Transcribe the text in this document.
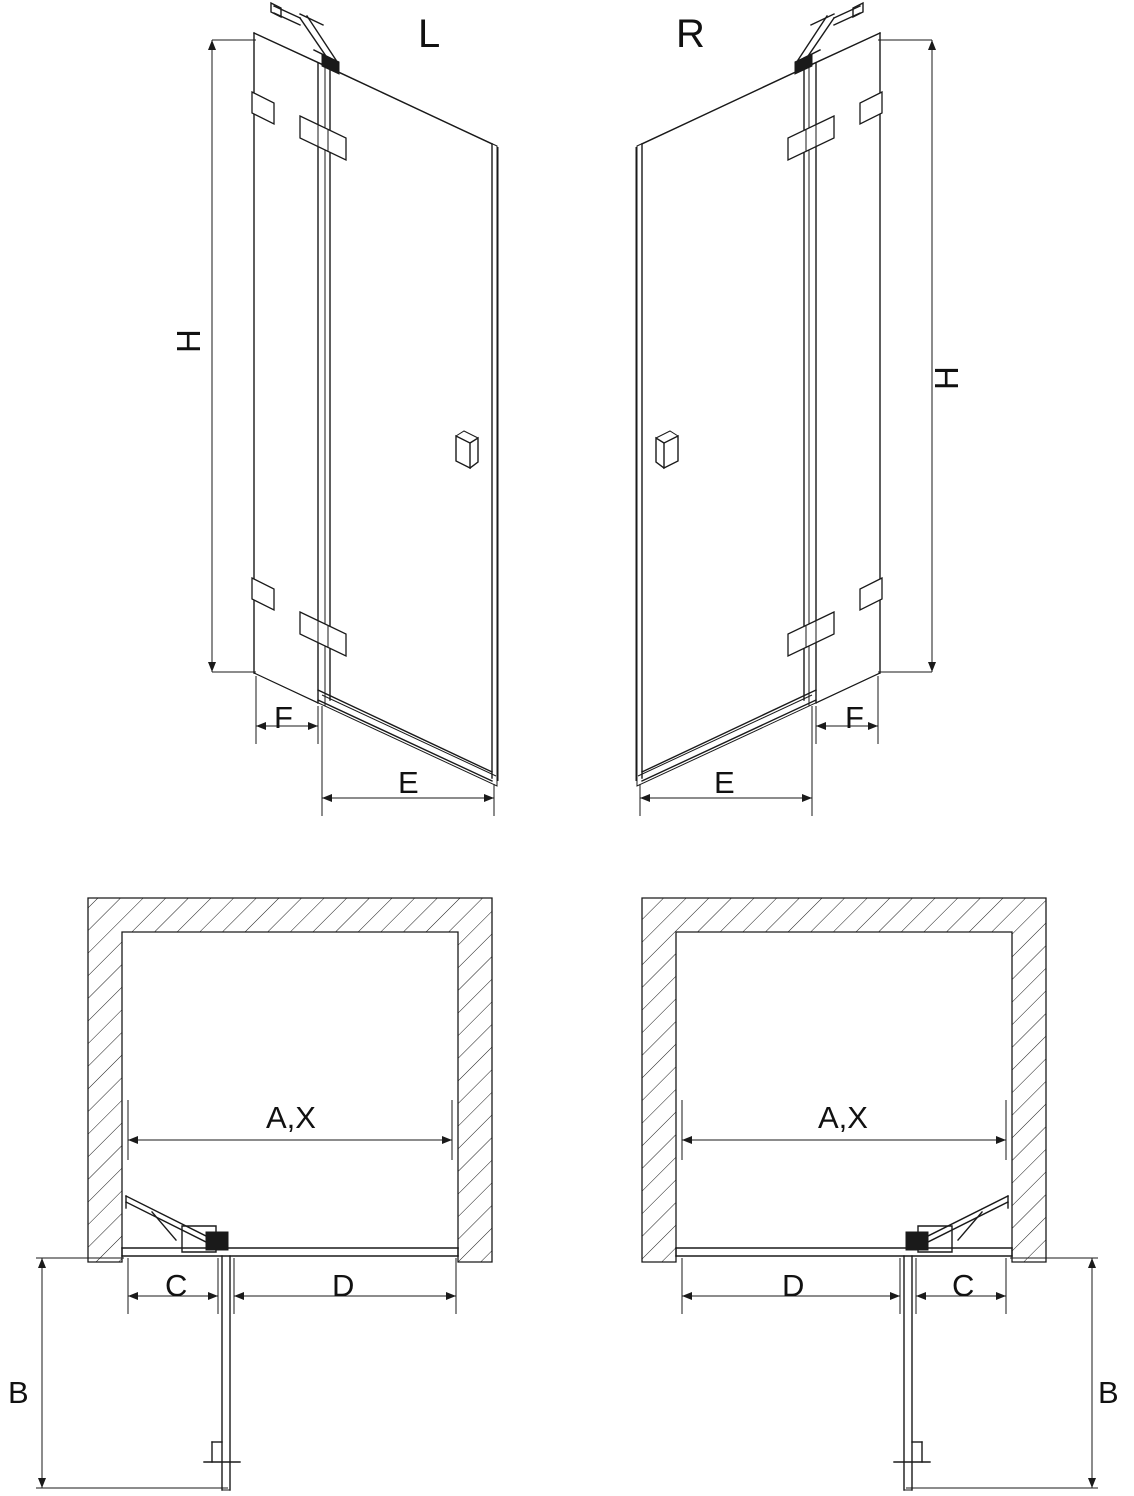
L	R
H
H
F	F
E	E
A,X	A,X
C	D	D	C
B	B
